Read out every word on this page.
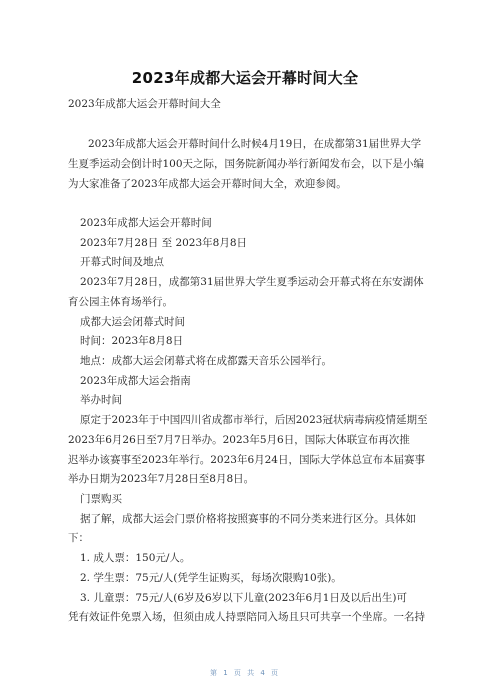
2023年成都大运会开幕时间大全
2023年成都大运会开幕时间大全
2023年成都大运会开幕时间什么时候4月19日，在成都第31届世界大学
生夏季运动会倒计时100天之际，国务院新闻办举行新闻发布会，以下是小编
为大家准备了2023年成都大运会开幕时间大全，欢迎参阅。
2023年成都大运会开幕时间
2023年7月28日 至 2023年8月8日
开幕式时间及地点
2023年7月28日，成都第31届世界大学生夏季运动会开幕式将在东安湖体
育公园主体育场举行。
成都大运会闭幕式时间
时间：2023年8月8日
地点：成都大运会闭幕式将在成都露天音乐公园举行。
2023年成都大运会指南
举办时间
原定于2023年于中国四川省成都市举行，后因2023冠状病毒病疫情延期至
2023年6月26日至7月7日举办。2023年5月6日，国际大体联宣布再次推
迟举办该赛事至2023年举行。2023年6月24日，国际大学体总宣布本届赛事
举办日期为2023年7月28日至8月8日。
门票购买
据了解，成都大运会门票价格将按照赛事的不同分类来进行区分。具体如
下：
1. 成人票：150元/人。
2. 学生票：75元/人(凭学生证购买，每场次限购10张)。
3. 儿童票：75元/人(6岁及6岁以下儿童(2023年6月1日及以后出生)可
凭有效证件免票入场，但须由成人持票陪同入场且只可共享一个坐席。一名持
第 1 页 共 4 页
